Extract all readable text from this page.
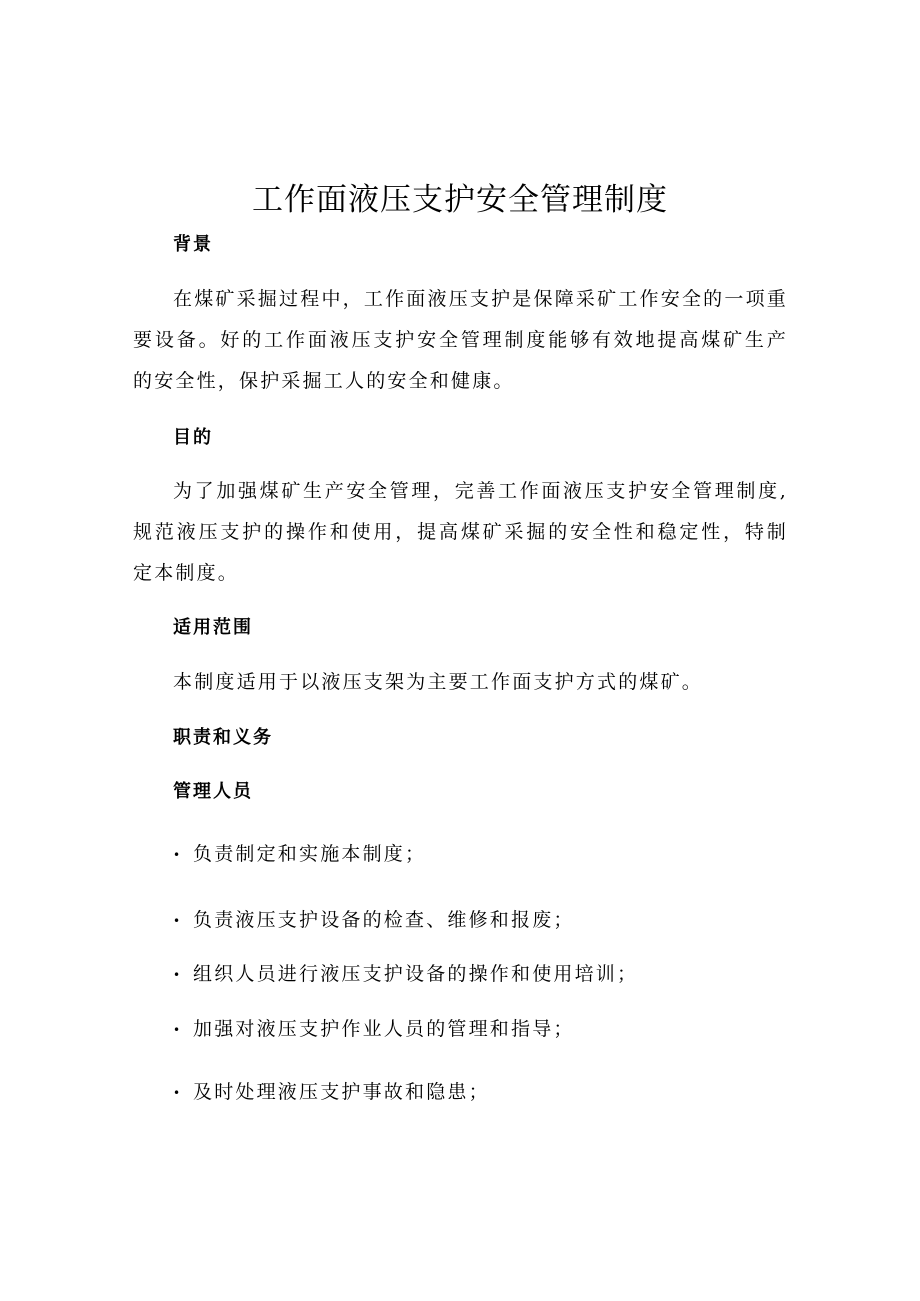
工作面液压支护安全管理制度
背景
在煤矿采掘过程中，工作面液压支护是保障采矿工作安全的一项重要设备。好的工作面液压支护安全管理制度能够有效地提高煤矿生产的安全性，保护采掘工人的安全和健康。
目的
为了加强煤矿生产安全管理，完善工作面液压支护安全管理制度,规范液压支护的操作和使用，提高煤矿采掘的安全性和稳定性，特制定本制度。
适用范围
本制度适用于以液压支架为主要工作面支护方式的煤矿。
职责和义务
管理人员
• 负责制定和实施本制度；
• 负责液压支护设备的检查、维修和报废；
• 组织人员进行液压支护设备的操作和使用培训；
• 加强对液压支护作业人员的管理和指导；
• 及时处理液压支护事故和隐患；
